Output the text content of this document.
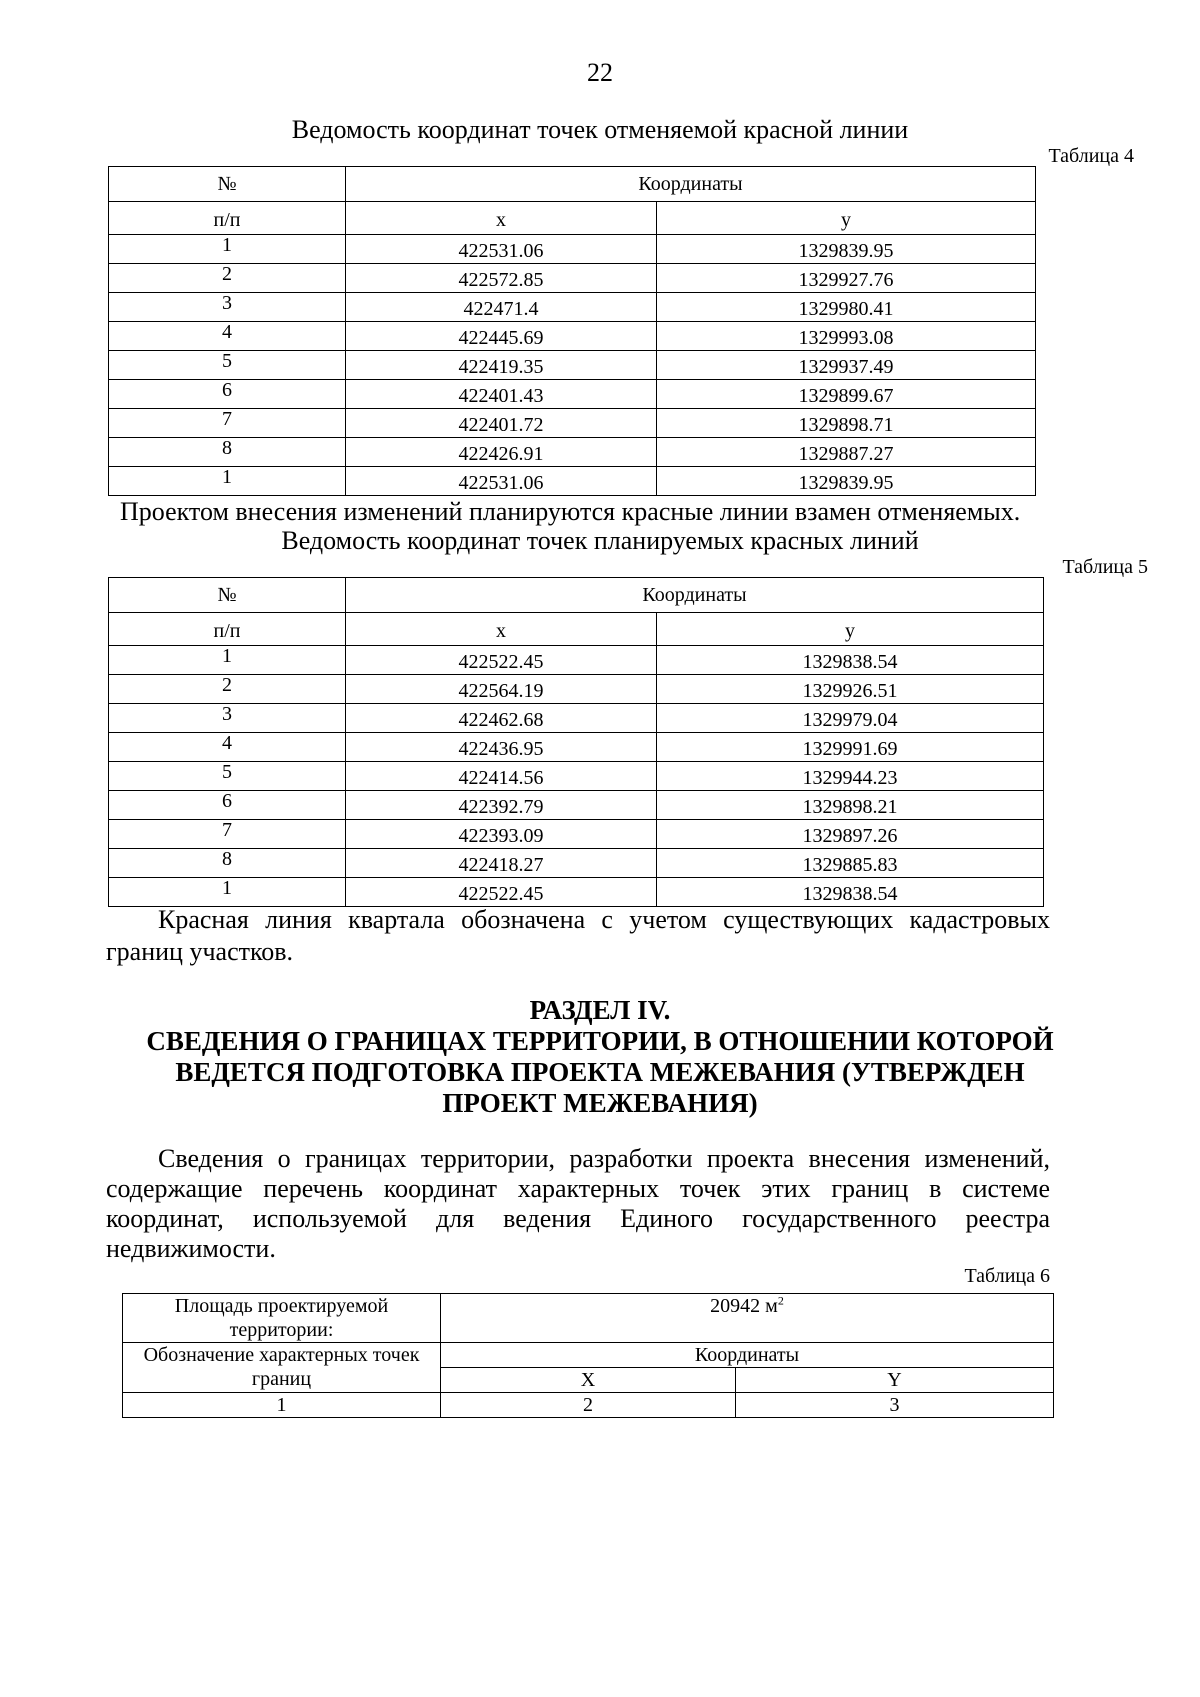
22
Ведомость координат точек отменяемой красной линии
Таблица 4
№	Координаты	
п/п	x	y
1	422531.06	1329839.95
2	422572.85	1329927.76
3	422471.4	1329980.41
4	422445.69	1329993.08
5	422419.35	1329937.49
6	422401.43	1329899.67
7	422401.72	1329898.71
8	422426.91	1329887.27
1	422531.06	1329839.95
Проектом внесения изменений планируются красные линии взамен отменяемых.
Ведомость координат точек планируемых красных линий
Таблица 5
№	Координаты	
п/п	x	y
1	422522.45	1329838.54
2	422564.19	1329926.51
3	422462.68	1329979.04
4	422436.95	1329991.69
5	422414.56	1329944.23
6	422392.79	1329898.21
7	422393.09	1329897.26
8	422418.27	1329885.83
1	422522.45	1329838.54
Красная линия квартала обозначена с учетом существующих кадастровых границ участков.
РАЗДЕЛ IV.
СВЕДЕНИЯ О ГРАНИЦАХ ТЕРРИТОРИИ, В ОТНОШЕНИИ КОТОРОЙ
ВЕДЕТСЯ ПОДГОТОВКА ПРОЕКТА МЕЖЕВАНИЯ (УТВЕРЖДЕН
ПРОЕКТ МЕЖЕВАНИЯ)
Сведения о границах территории, разработки проекта внесения изменений, содержащие перечень координат характерных точек этих границ в системе координат, используемой для ведения Единого государственного реестра недвижимости.
Таблица 6
Площадь проектируемой территории:	20942 $м^2$
Обозначение характерных точек границ	Координаты	
	X	Y
1	2	3
